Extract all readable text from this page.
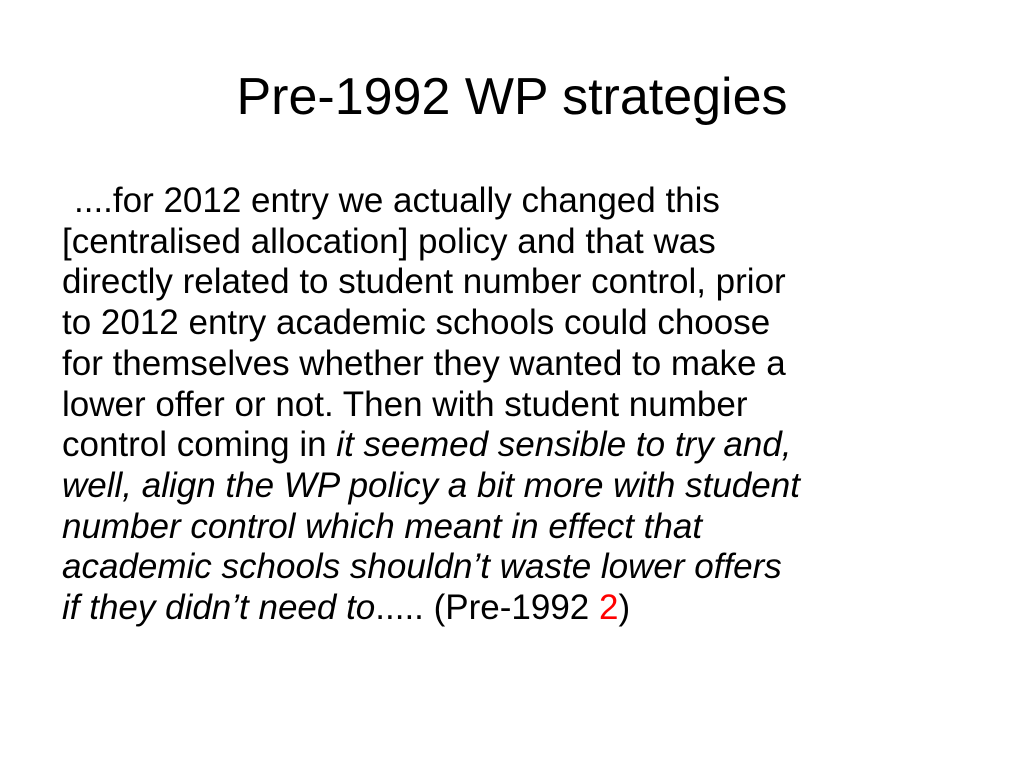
Pre-1992 WP strategies

....for 2012 entry we actually changed this
[centralised allocation] policy and that was
directly related to student number control, prior
to 2012 entry academic schools could choose
for themselves whether they wanted to make a
lower offer or not. Then with student number
control coming in it seemed sensible to try and,
well, align the WP policy a bit more with student
number control which meant in effect that
academic schools shouldn’t waste lower offers
if they didn’t need to..... (Pre-1992 2)
